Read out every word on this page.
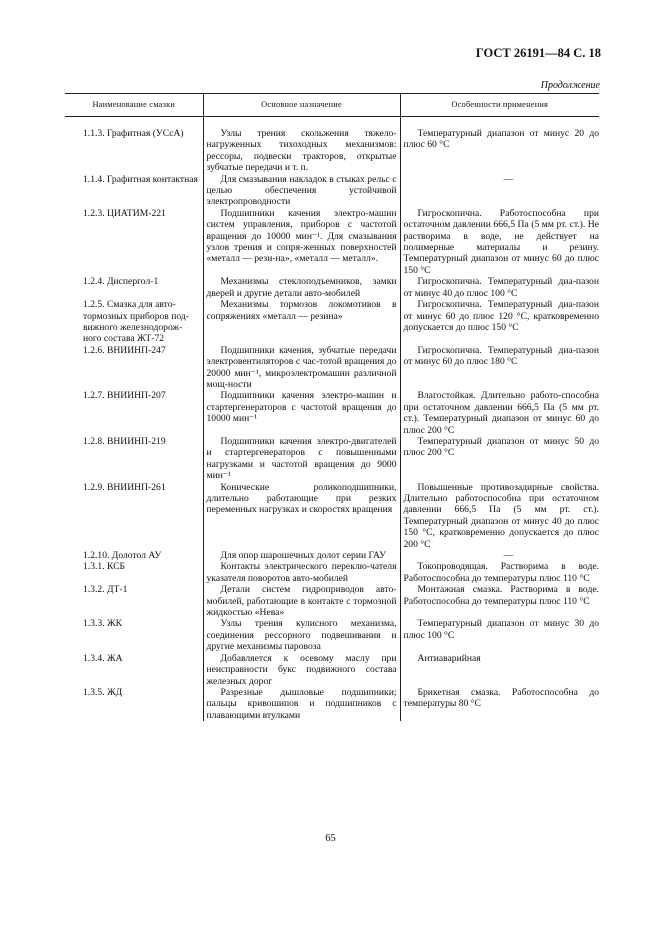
ГОСТ 26191—84 С. 18
Продолжение
Наименование смазки	Основное назначение	Особенности применения

1.1.3. Графитная (УСсА)	Узлы трения скольжения тяжело-нагруженных тихоходных механизмов: рессоры, подвески тракторов, открытые зубчатые передачи и т. п.	Температурный диапазон от минус 20 до плюс 60 °C
1.1.4. Графитная контактная	Для смазывания накладок в стыках рельс с целью обеспечения устойчивой электропроводности	—
1.2.3. ЦИАТИМ-221	Подшипники качения электро-машин систем управления, приборов с частотой вращения до 10000 мин⁻¹. Для смазывания узлов трения и сопря-женных поверхностей «металл — рези-на», «металл — металл».	Гигроскопична. Работоспособна при остаточном давлении 666,5 Па (5 мм рт. ст.). Не растворима в воде, не действует на полимерные материалы и резину. Температурный диапазон от минус 60 до плюс 150 °C
1.2.4. Диспергол-1	Механизмы стеклоподъемников, замки дверей и другие детали авто-мобилей	Гигроскопична. Температурный диа-пазон от минус 40 до плюс 100 °C
1.2.5. Смазка для авто-тормозных приборов под-вижного железнодорож-ного состава ЖТ-72	Механизмы тормозов локомотивов в сопряжениях «металл — резина»	Гигроскопична. Температурный диа-пазон от минус 60 до плюс 120 °C, кратковременно допускается до плюс 150 °C
1.2.6. ВНИИНП-247	Подшипники качения, зубчатые передачи электровентиляторов с час-тотой вращения до 20000 мин⁻¹, микроэлектромашин различной мощ-ности	Гигроскопична. Температурный диа-пазон от минус 60 до плюс 180 °C
1.2.7. ВНИИНП-207	Подшипники качения электро-машин и стартергенераторов с частотой вращения до 10000 мин⁻¹	Влагостойкая. Длительно работо-способна при остаточном давлении 666,5 Па (5 мм рт. ст.). Температурный диапазон от минус 60 до плюс 200 °C
1.2.8. ВНИИНП-219	Подшипники качения электро-двигателей и стартергенераторов с повышенными нагрузками и частотой вращения до 9000 мин⁻¹	Температурный диапазон от минус 50 до плюс 200 °C
1.2.9. ВНИИНП-261	Конические роликоподшипники, длительно работающие при резких переменных нагрузках и скоростях вращения	Повышенные противозадирные свойства. Длительно работоспособна при остаточном давлении 666,5 Па (5 мм рт. ст.). Температурный диапазон от минус 40 до плюс 150 °C, кратковременно допускается до плюс 200 °C
1.2.10. Долотол АУ	Для опор шарошечных долот серии ГАУ	—
1.3.1. КСБ	Контакты электрического переклю-чателя указателя поворотов авто-мобилей	Токопроводящая. Растворима в воде. Работоспособна до температуры плюс 110 °C
1.3.2. ДТ-1	Детали систем гидроприводов авто-мобилей, работающие в контакте с тормозной жидкостью «Нева»	Монтажная смазка. Растворима в воде. Работоспособна до температуры плюс 110 °C
1.3.3. ЖК	Узлы трения кулисного механизма, соединения рессорного подвешивания и другие механизмы паровоза	Температурный диапазон от минус 30 до плюс 100 °C
1.3.4. ЖА	Добавляется к осевому маслу при неисправности букс подвижного состава железных дорог	Антиаварийная
1.3.5. ЖД	Разрезные дышловые подшипники; пальцы кривошипов и подшипников с плавающими втулками	Брикетная смазка. Работоспособна до температуры 80 °C
65
